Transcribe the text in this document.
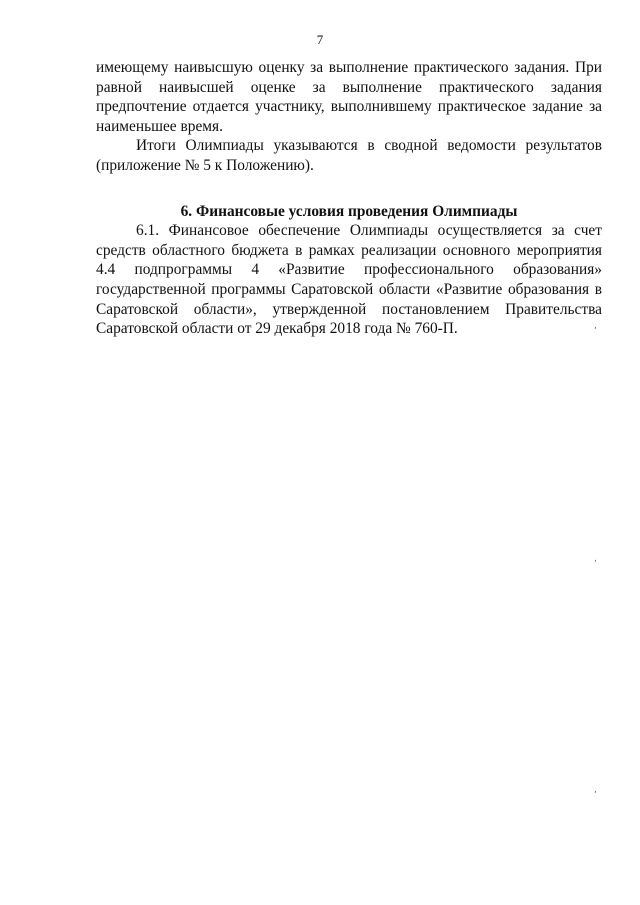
7

имеющему наивысшую оценку за выполнение практического задания. При равной наивысшей оценке за выполнение практического задания предпочтение отдается участнику, выполнившему практическое задание за наименьшее время.

Итоги Олимпиады указываются в сводной ведомости результатов (приложение № 5 к Положению).

6. Финансовые условия проведения Олимпиады

6.1. Финансовое обеспечение Олимпиады осуществляется за счет средств областного бюджета в рамках реализации основного мероприятия 4.4 подпрограммы 4 «Развитие профессионального образования» государственной программы Саратовской области «Развитие образования в Саратовской области», утвержденной постановлением Правительства Саратовской области от 29 декабря 2018 года № 760-П.	,
,
,
